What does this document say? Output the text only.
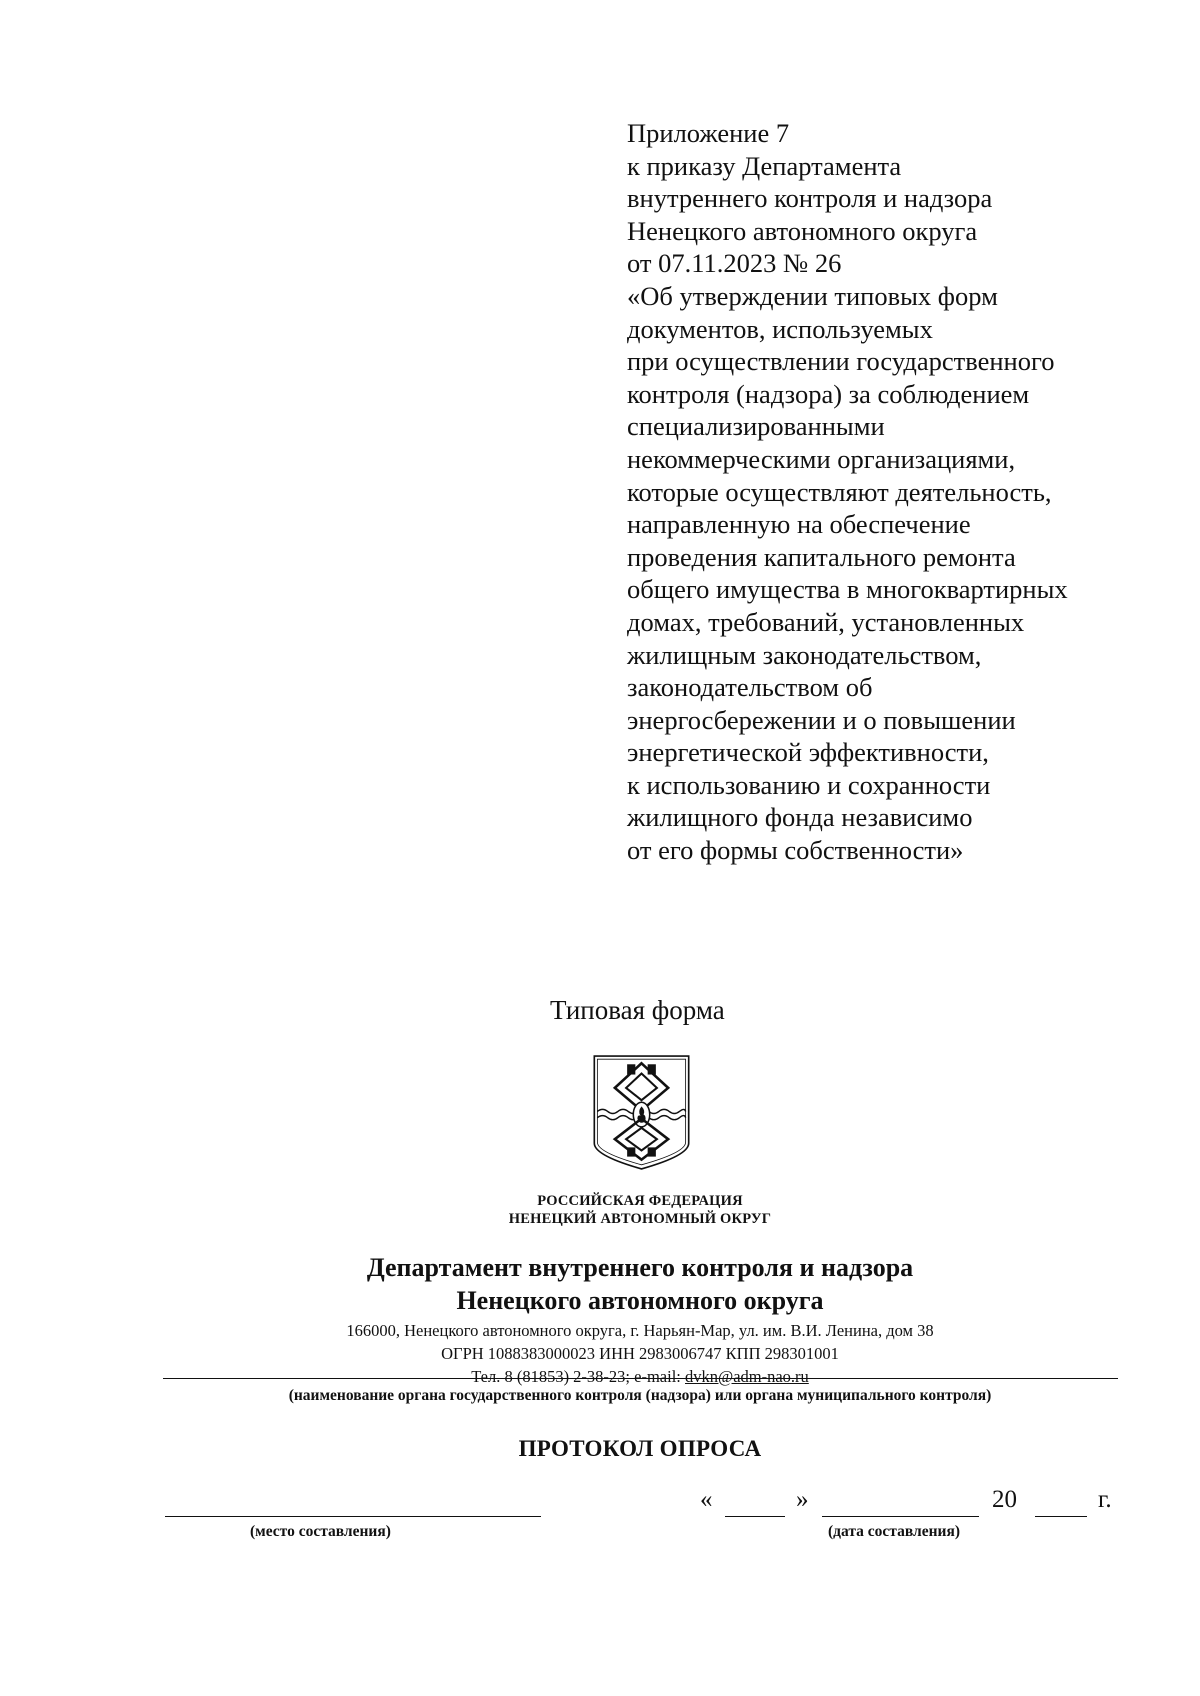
Приложение 7
к приказу Департамента
внутреннего контроля и надзора
Ненецкого автономного округа
от 07.11.2023 № 26
«Об утверждении типовых форм
документов, используемых
при осуществлении государственного
контроля (надзора) за соблюдением
специализированными
некоммерческими организациями,
которые осуществляют деятельность,
направленную на обеспечение
проведения капитального ремонта
общего имущества в многоквартирных
домах, требований, установленных
жилищным законодательством,
законодательством об
энергосбережении и о повышении
энергетической эффективности,
к использованию и сохранности
жилищного фонда независимо
от его формы собственности»
Типовая форма
РОССИЙСКАЯ ФЕДЕРАЦИЯ
НЕНЕЦКИЙ АВТОНОМНЫЙ ОКРУГ
Департамент внутреннего контроля и надзора
Ненецкого автономного округа
166000, Ненецкого автономного округа, г. Нарьян-Мар, ул. им. В.И. Ленина, дом 38
ОГРН 1088383000023 ИНН 2983006747 КПП 298301001
Тел. 8 (81853) 2-38-23; e-mail: dvkn@adm-nao.ru
(наименование органа государственного контроля (надзора) или органа муниципального контроля)
ПРОТОКОЛ ОПРОСА
(место составления)
«	»	20	г.
(дата составления)
